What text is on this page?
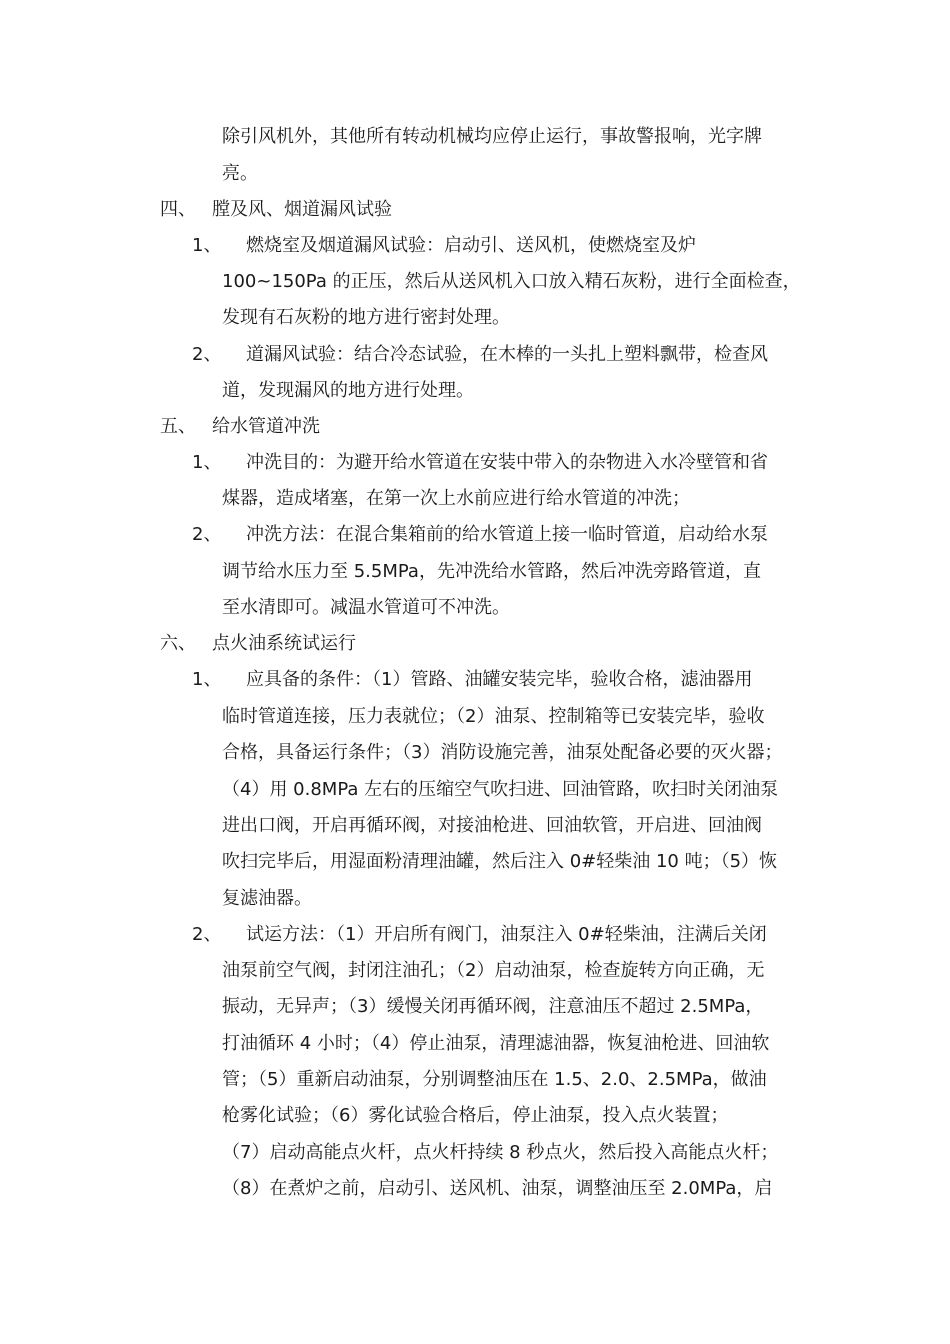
除引风机外，其他所有转动机械均应停止运行，事故警报响，光字牌
亮。
四、 膛及风、烟道漏风试验
1、 燃烧室及烟道漏风试验：启动引、送风机，使燃烧室及炉
100~150Pa 的正压，然后从送风机入口放入精石灰粉，进行全面检查，
发现有石灰粉的地方进行密封处理。
2、 道漏风试验：结合冷态试验，在木棒的一头扎上塑料飘带，检查风
道，发现漏风的地方进行处理。
五、 给水管道冲洗
1、 冲洗目的：为避开给水管道在安装中带入的杂物进入水冷壁管和省
煤器，造成堵塞，在第一次上水前应进行给水管道的冲洗；
2、 冲洗方法：在混合集箱前的给水管道上接一临时管道，启动给水泵
调节给水压力至 5.5MPa，先冲洗给水管路，然后冲洗旁路管道，直
至水清即可。减温水管道可不冲洗。
六、 点火油系统试运行
1、 应具备的条件：（1）管路、油罐安装完毕，验收合格，滤油器用
临时管道连接，压力表就位；（2）油泵、控制箱等已安装完毕，验收
合格，具备运行条件；（3）消防设施完善，油泵处配备必要的灭火器；
（4）用 0.8MPa 左右的压缩空气吹扫进、回油管路，吹扫时关闭油泵
进出口阀，开启再循环阀，对接油枪进、回油软管，开启进、回油阀
吹扫完毕后，用湿面粉清理油罐，然后注入 0#轻柴油 10 吨；（5）恢
复滤油器。
2、 试运方法：（1）开启所有阀门，油泵注入 0#轻柴油，注满后关闭
油泵前空气阀，封闭注油孔；（2）启动油泵，检查旋转方向正确，无
振动，无异声；（3）缓慢关闭再循环阀，注意油压不超过 2.5MPa，
打油循环 4 小时；（4）停止油泵，清理滤油器，恢复油枪进、回油软
管；（5）重新启动油泵，分别调整油压在 1.5、2.0、2.5MPa，做油
枪雾化试验；（6）雾化试验合格后，停止油泵，投入点火装置；
（7）启动高能点火杆，点火杆持续 8 秒点火，然后投入高能点火杆；
（8）在煮炉之前，启动引、送风机、油泵，调整油压至 2.0MPa，启
